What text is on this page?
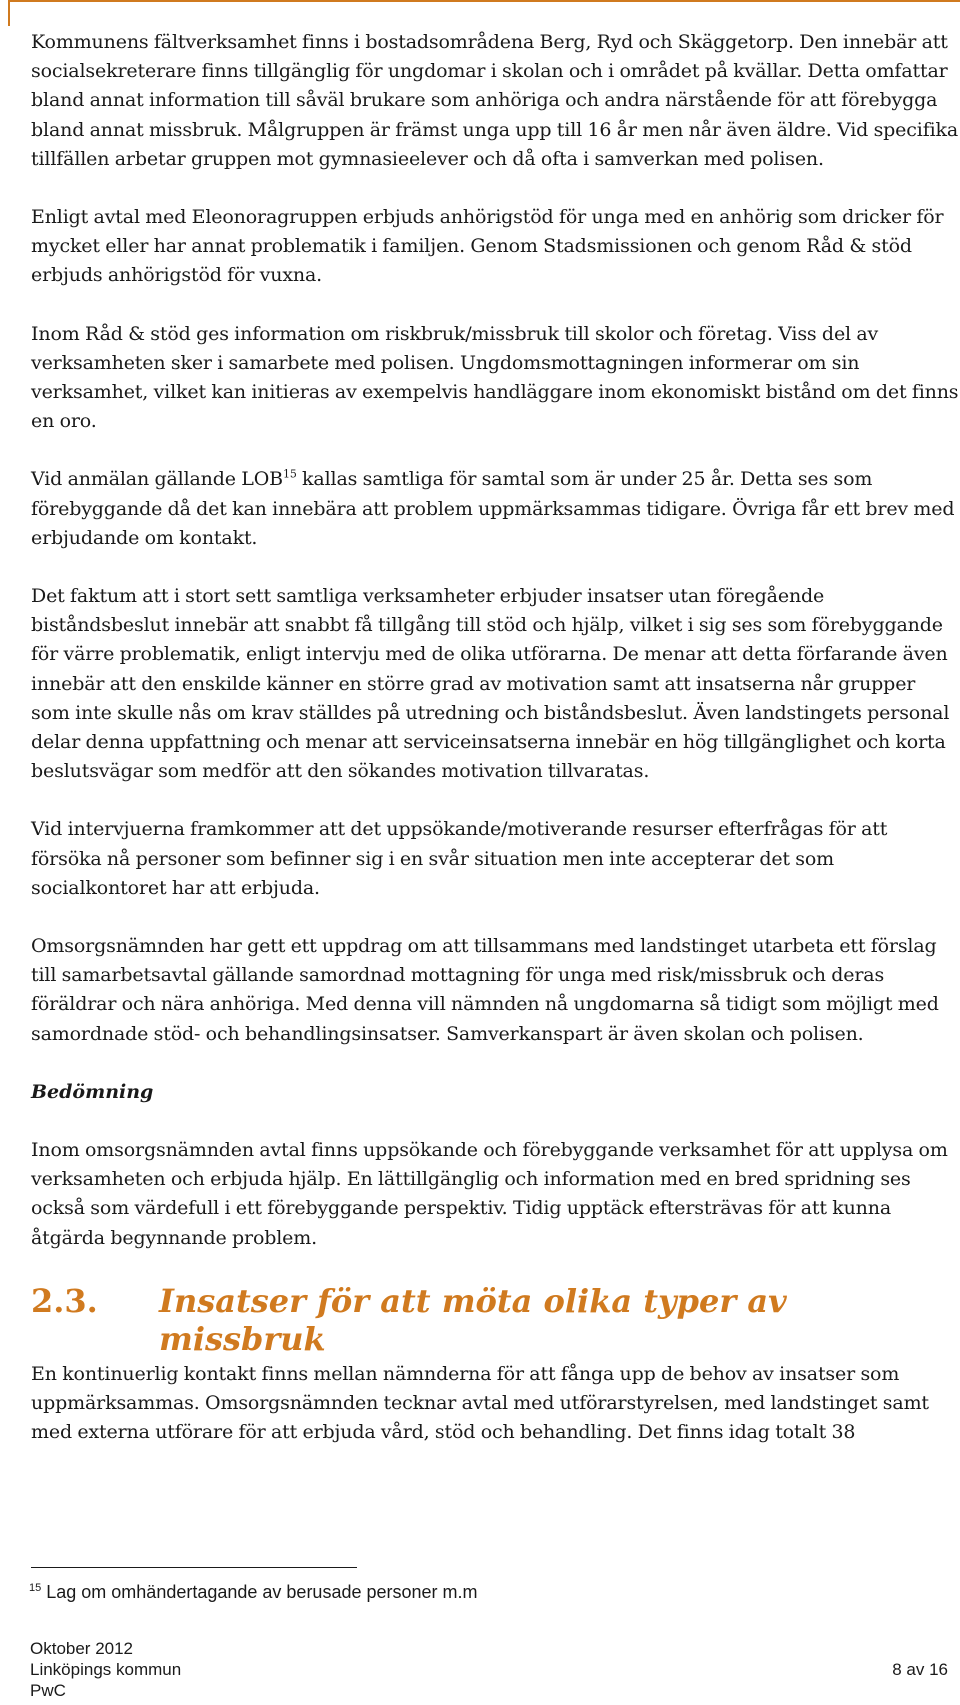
Kommunens fältverksamhet finns i bostadsområdena Berg, Ryd och Skäggetorp. Den innebär att socialsekreterare finns tillgänglig för ungdomar i skolan och i området på kvällar. Detta omfattar bland annat information till såväl brukare som anhöriga och andra närstående för att förebygga bland annat missbruk. Målgruppen är främst unga upp till 16 år men når även äldre. Vid specifika tillfällen arbetar gruppen mot gymnasieelever och då ofta i samverkan med polisen.

Enligt avtal med Eleonoragruppen erbjuds anhörigstöd för unga med en anhörig som dricker för mycket eller har annat problematik i familjen. Genom Stadsmissionen och genom Råd & stöd erbjuds anhörigstöd för vuxna.

Inom Råd & stöd ges information om riskbruk/missbruk till skolor och företag. Viss del av verksamheten sker i samarbete med polisen. Ungdomsmottagningen informerar om sin verksamhet, vilket kan initieras av exempelvis handläggare inom ekonomiskt bistånd om det finns en oro.

Vid anmälan gällande LOB$^{15}$ kallas samtliga för samtal som är under 25 år. Detta ses som förebyggande då det kan innebära att problem uppmärksammas tidigare. Övriga får ett brev med erbjudande om kontakt.

Det faktum att i stort sett samtliga verksamheter erbjuder insatser utan föregående biståndsbeslut innebär att snabbt få tillgång till stöd och hjälp, vilket i sig ses som förebyggande för värre problematik, enligt intervju med de olika utförarna. De menar att detta förfarande även innebär att den enskilde känner en större grad av motivation samt att insatserna når grupper som inte skulle nås om krav ställdes på utredning och biståndsbeslut. Även landstingets personal delar denna uppfattning och menar att serviceinsatserna innebär en hög tillgänglighet och korta beslutsvägar som medför att den sökandes motivation tillvaratas.

Vid intervjuerna framkommer att det uppsökande/motiverande resurser efterfrågas för att försöka nå personer som befinner sig i en svår situation men inte accepterar det som socialkontoret har att erbjuda.

Omsorgsnämnden har gett ett uppdrag om att tillsammans med landstinget utarbeta ett förslag till samarbetsavtal gällande samordnad mottagning för unga med risk/missbruk och deras föräldrar och nära anhöriga. Med denna vill nämnden nå ungdomarna så tidigt som möjligt med samordnade stöd- och behandlingsinsatser. Samverkanspart är även skolan och polisen.

Bedömning

Inom omsorgsnämnden avtal finns uppsökande och förebyggande verksamhet för att upplysa om verksamheten och erbjuda hjälp. En lättillgänglig och information med en bred spridning ses också som värdefull i ett förebyggande perspektiv. Tidig upptäck eftersträvas för att kunna åtgärda begynnande problem.

2.3.	Insatser för att möta olika typer av missbruk

En kontinuerlig kontakt finns mellan nämnderna för att fånga upp de behov av insatser som uppmärksammas. Omsorgsnämnden tecknar avtal med utförarstyrelsen, med landstinget samt med externa utförare för att erbjuda vård, stöd och behandling. Det finns idag totalt 38

$^{15}$ Lag om omhändertagande av berusade personer m.m
Oktober 2012
Linköpings kommun
PwC
8 av 16
